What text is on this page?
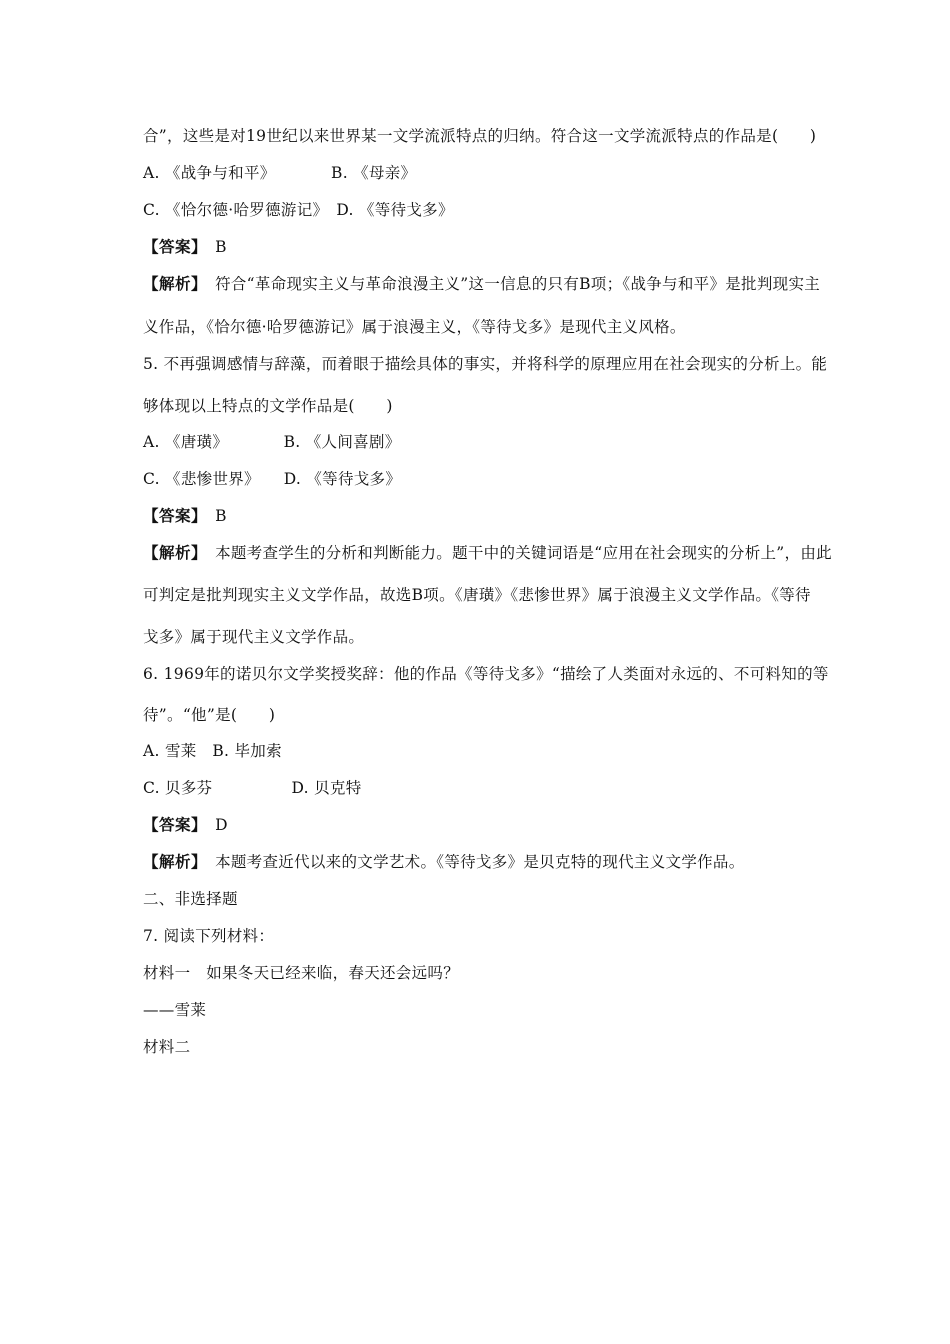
合”，这些是对19世纪以来世界某一文学流派特点的归纳。符合这一文学流派特点的作品是(　　)
A. 《战争与和平》　　　　B. 《母亲》
C. 《恰尔德·哈罗德游记》　D. 《等待戈多》
【答案】　B
【解析】　符合“革命现实主义与革命浪漫主义”这一信息的只有B项；《战争与和平》是批判现实主
义作品，《恰尔德·哈罗德游记》属于浪漫主义，《等待戈多》是现代主义风格。
5. 不再强调感情与辞藻，而着眼于描绘具体的事实，并将科学的原理应用在社会现实的分析上。能
够体现以上特点的文学作品是(　　)
A. 《唐璜》　　　　B. 《人间喜剧》
C. 《悲惨世界》　　D. 《等待戈多》
【答案】　B
【解析】　本题考查学生的分析和判断能力。题干中的关键词语是“应用在社会现实的分析上”，由此
可判定是批判现实主义文学作品，故选B项。《唐璜》《悲惨世界》属于浪漫主义文学作品。《等待
戈多》属于现代主义文学作品。
6. 1969年的诺贝尔文学奖授奖辞：他的作品《等待戈多》“描绘了人类面对永远的、不可料知的等
待”。“他”是(　　)
A. 雪莱　B. 毕加索
C. 贝多芬　　　　　D. 贝克特
【答案】　D
【解析】　本题考查近代以来的文学艺术。《等待戈多》是贝克特的现代主义文学作品。
二、非选择题
7. 阅读下列材料：
材料一　如果冬天已经来临，春天还会远吗？
——雪莱
材料二
